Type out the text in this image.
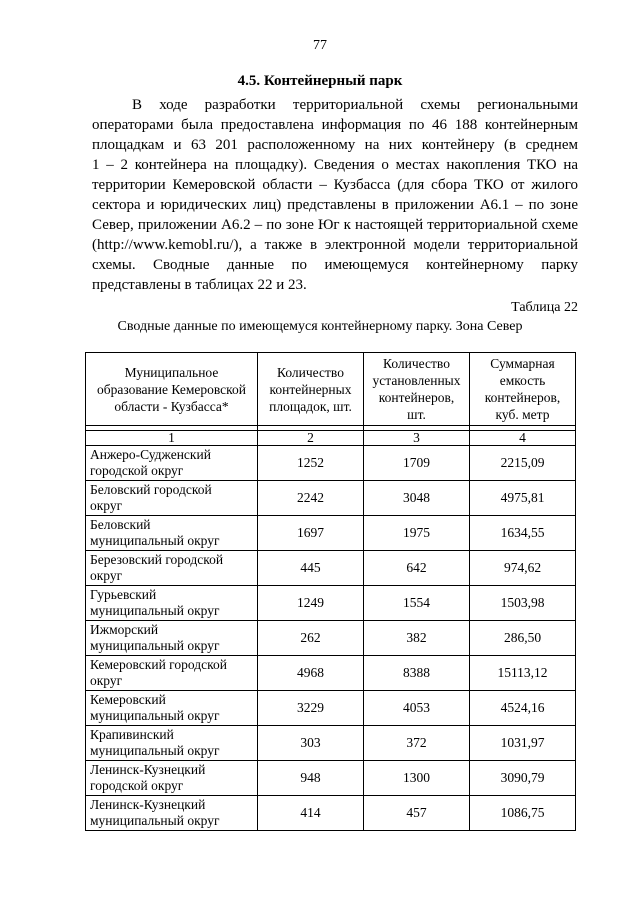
77
4.5. Контейнерный парк
В ходе разработки территориальной схемы региональными
операторами была предоставлена информация по 46 188 контейнерным
площадкам и 63 201 расположенному на них контейнеру (в среднем
1 – 2 контейнера на площадку). Сведения о местах накопления ТКО на
территории Кемеровской области – Кузбасса (для сбора ТКО от жилого
сектора и юридических лиц) представлены в приложении А6.1 – по зоне
Север, приложении А6.2 – по зоне Юг к настоящей территориальной схеме
(http://www.kemobl.ru/), а также в электронной модели территориальной
схемы. Сводные данные по имеющемуся контейнерному парку
представлены в таблицах 22 и 23.
Таблица 22
Сводные данные по имеющемуся контейнерному парку. Зона Север
Муниципальное образование Кемеровской области - Кузбасса*	Количество контейнерных площадок, шт.	Количество установленных контейнеров, шт.	Суммарная емкость контейнеров, куб. метр

1	2	3	4

Анжеро-Судженский
городской округ	1252	1709	2215,09

Беловский городской
округ	2242	3048	4975,81

Беловский
муниципальный округ	1697	1975	1634,55

Березовский городской
округ	445	642	974,62

Гурьевский
муниципальный округ	1249	1554	1503,98

Ижморский
муниципальный округ	262	382	286,50

Кемеровский городской
округ	4968	8388	15113,12

Кемеровский
муниципальный округ	3229	4053	4524,16

Крапивинский
муниципальный округ	303	372	1031,97

Ленинск-Кузнецкий
городской округ	948	1300	3090,79

Ленинск-Кузнецкий
муниципальный округ	414	457	1086,75
